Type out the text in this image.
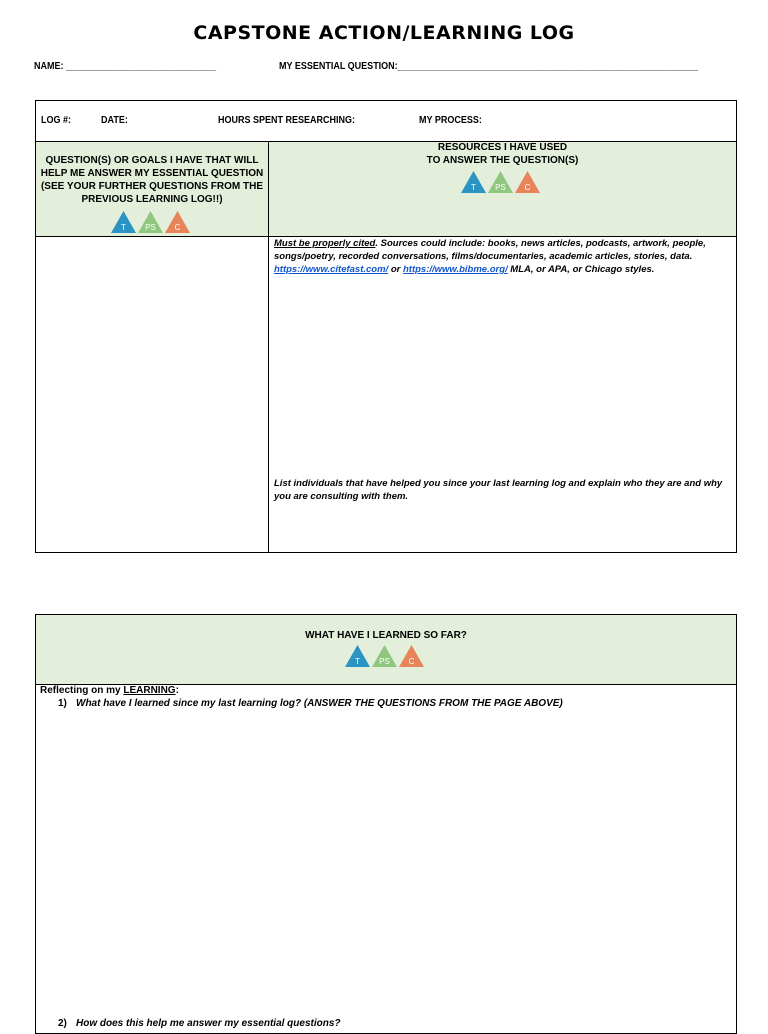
CAPSTONE ACTION/LEARNING LOG
NAME: ______________________________	MY ESSENTIAL QUESTION:____________________________________________________________
LOG #:	DATE:	HOURS SPENT RESEARCHING:	MY PROCESS:
QUESTION(S) OR GOALS I HAVE THAT WILL
HELP ME ANSWER MY ESSENTIAL QUESTION
(SEE YOUR FURTHER QUESTIONS FROM THE
PREVIOUS LEARNING LOG!!)
T PS C
RESOURCES I HAVE USED
TO ANSWER THE QUESTION(S)
T PS C
Must be properly cited. Sources could include: books, news articles, podcasts, artwork, people,
songs/poetry, recorded conversations, films/documentaries, academic articles, stories, data.
https://www.citefast.com/ or https://www.bibme.org/ MLA, or APA, or Chicago styles.
List individuals that have helped you since your last learning log and explain who they are and why
you are consulting with them.
WHAT HAVE I LEARNED SO FAR?
T PS C
Reflecting on my LEARNING:
1) What have I learned since my last learning log? (ANSWER THE QUESTIONS FROM THE PAGE ABOVE)
2) How does this help me answer my essential questions?
